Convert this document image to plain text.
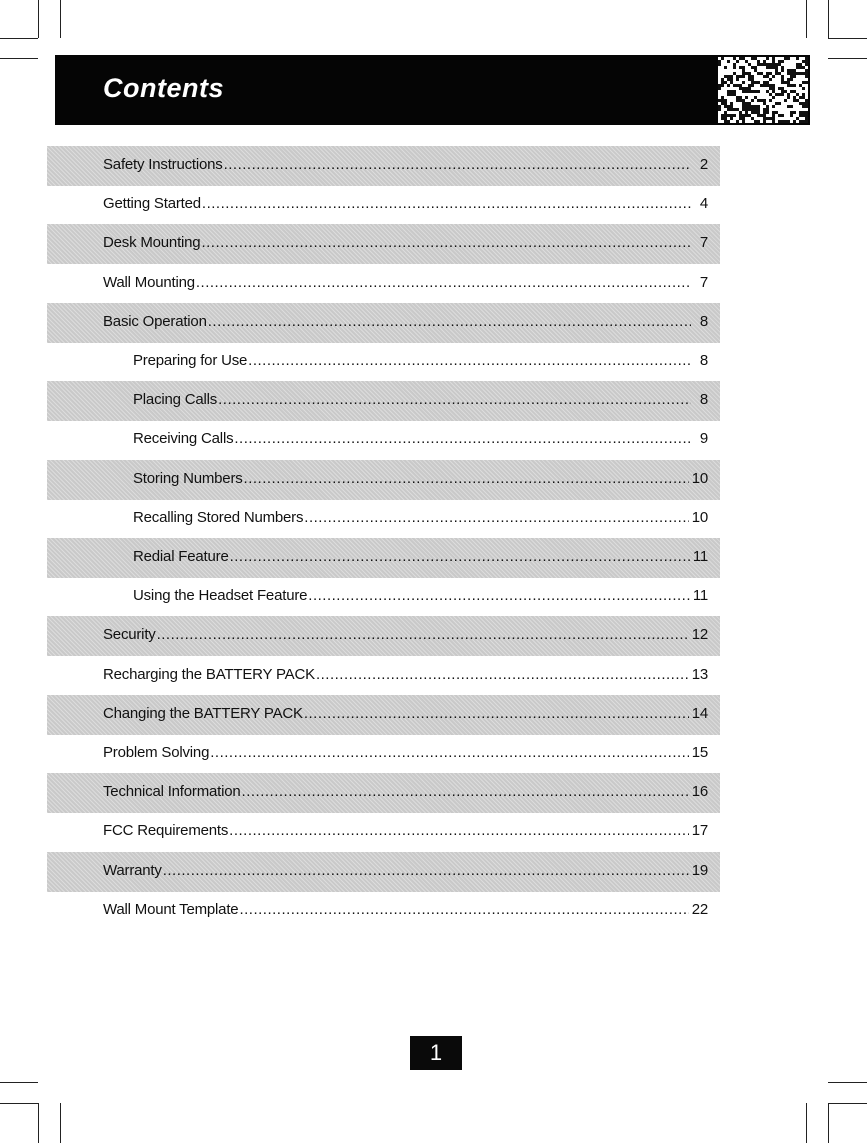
Contents
Safety Instructions .....	2
Getting Started .....	4
Desk Mounting .....	7
Wall Mounting .....	7
Basic Operation .....	8
Preparing for Use .....	8
Placing Calls .....	8
Receiving Calls .....	9
Storing Numbers .....	10
Recalling Stored Numbers .....	10
Redial Feature .....	11
Using the Headset Feature .....	11
Security .....	12
Recharging the BATTERY PACK .....	13
Changing the BATTERY PACK .....	14
Problem Solving .....	15
Technical Information .....	16
FCC Requirements .....	17
Warranty .....	19
Wall Mount Template .....	22
1
